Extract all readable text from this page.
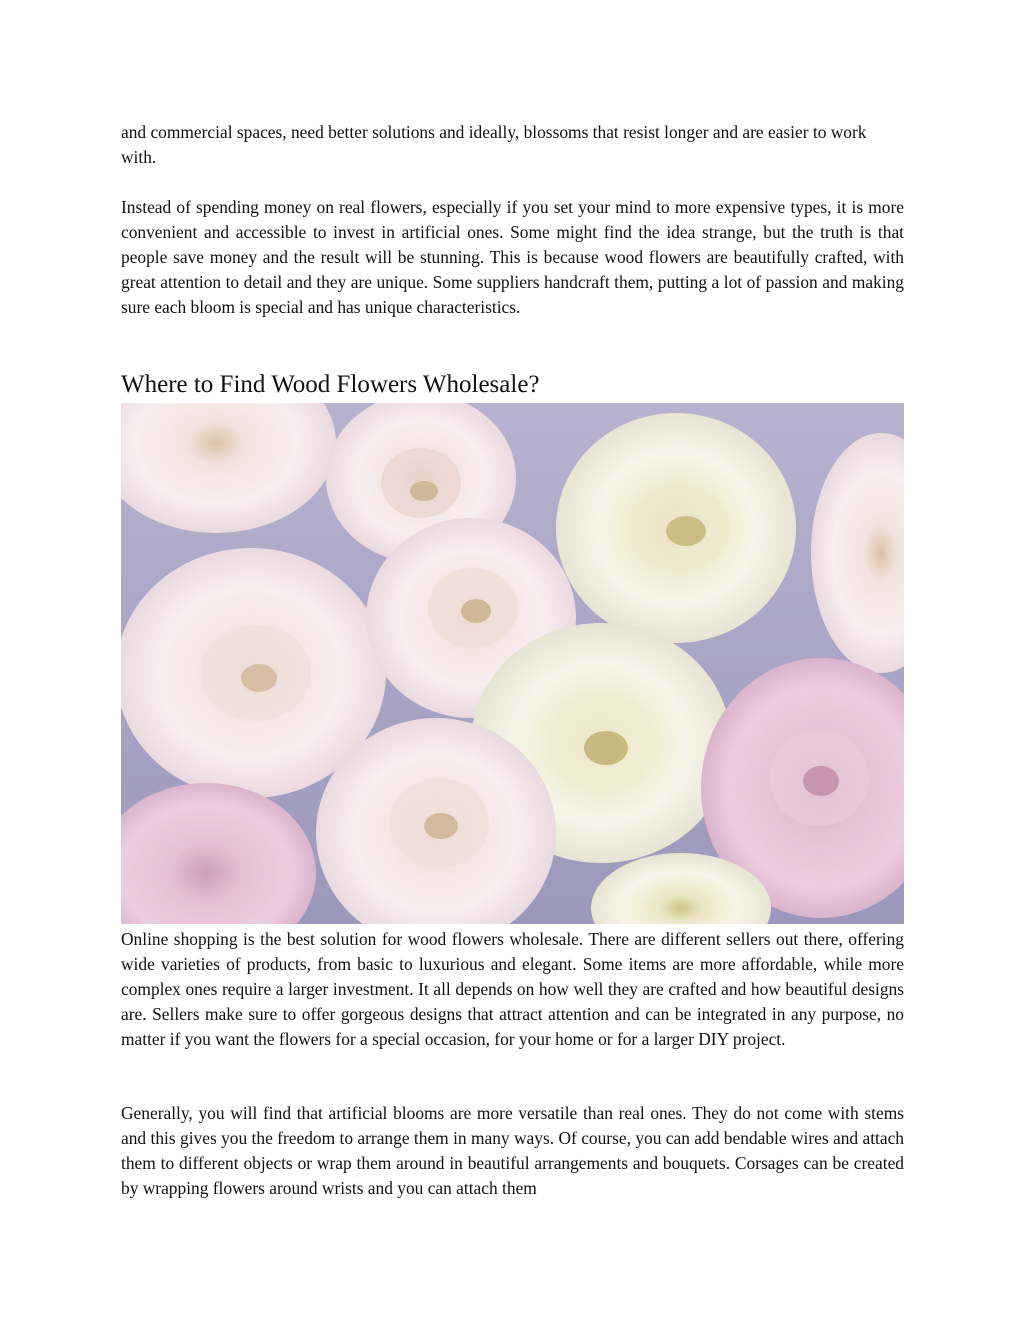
and commercial spaces, need better solutions and ideally, blossoms that resist longer and are easier to work with.

Instead of spending money on real flowers, especially if you set your mind to more expensive types, it is more convenient and accessible to invest in artificial ones. Some might find the idea strange, but the truth is that people save money and the result will be stunning. This is because wood flowers are beautifully crafted, with great attention to detail and they are unique. Some suppliers handcraft them, putting a lot of passion and making sure each bloom is special and has unique characteristics.

Where to Find Wood Flowers Wholesale?

Online shopping is the best solution for wood flowers wholesale. There are different sellers out there, offering wide varieties of products, from basic to luxurious and elegant. Some items are more affordable, while more complex ones require a larger investment. It all depends on how well they are crafted and how beautiful designs are. Sellers make sure to offer gorgeous designs that attract attention and can be integrated in any purpose, no matter if you want the flowers for a special occasion, for your home or for a larger DIY project.

Generally, you will find that artificial blooms are more versatile than real ones. They do not come with stems and this gives you the freedom to arrange them in many ways. Of course, you can add bendable wires and attach them to different objects or wrap them around in beautiful arrangements and bouquets. Corsages can be created by wrapping flowers around wrists and you can attach them
